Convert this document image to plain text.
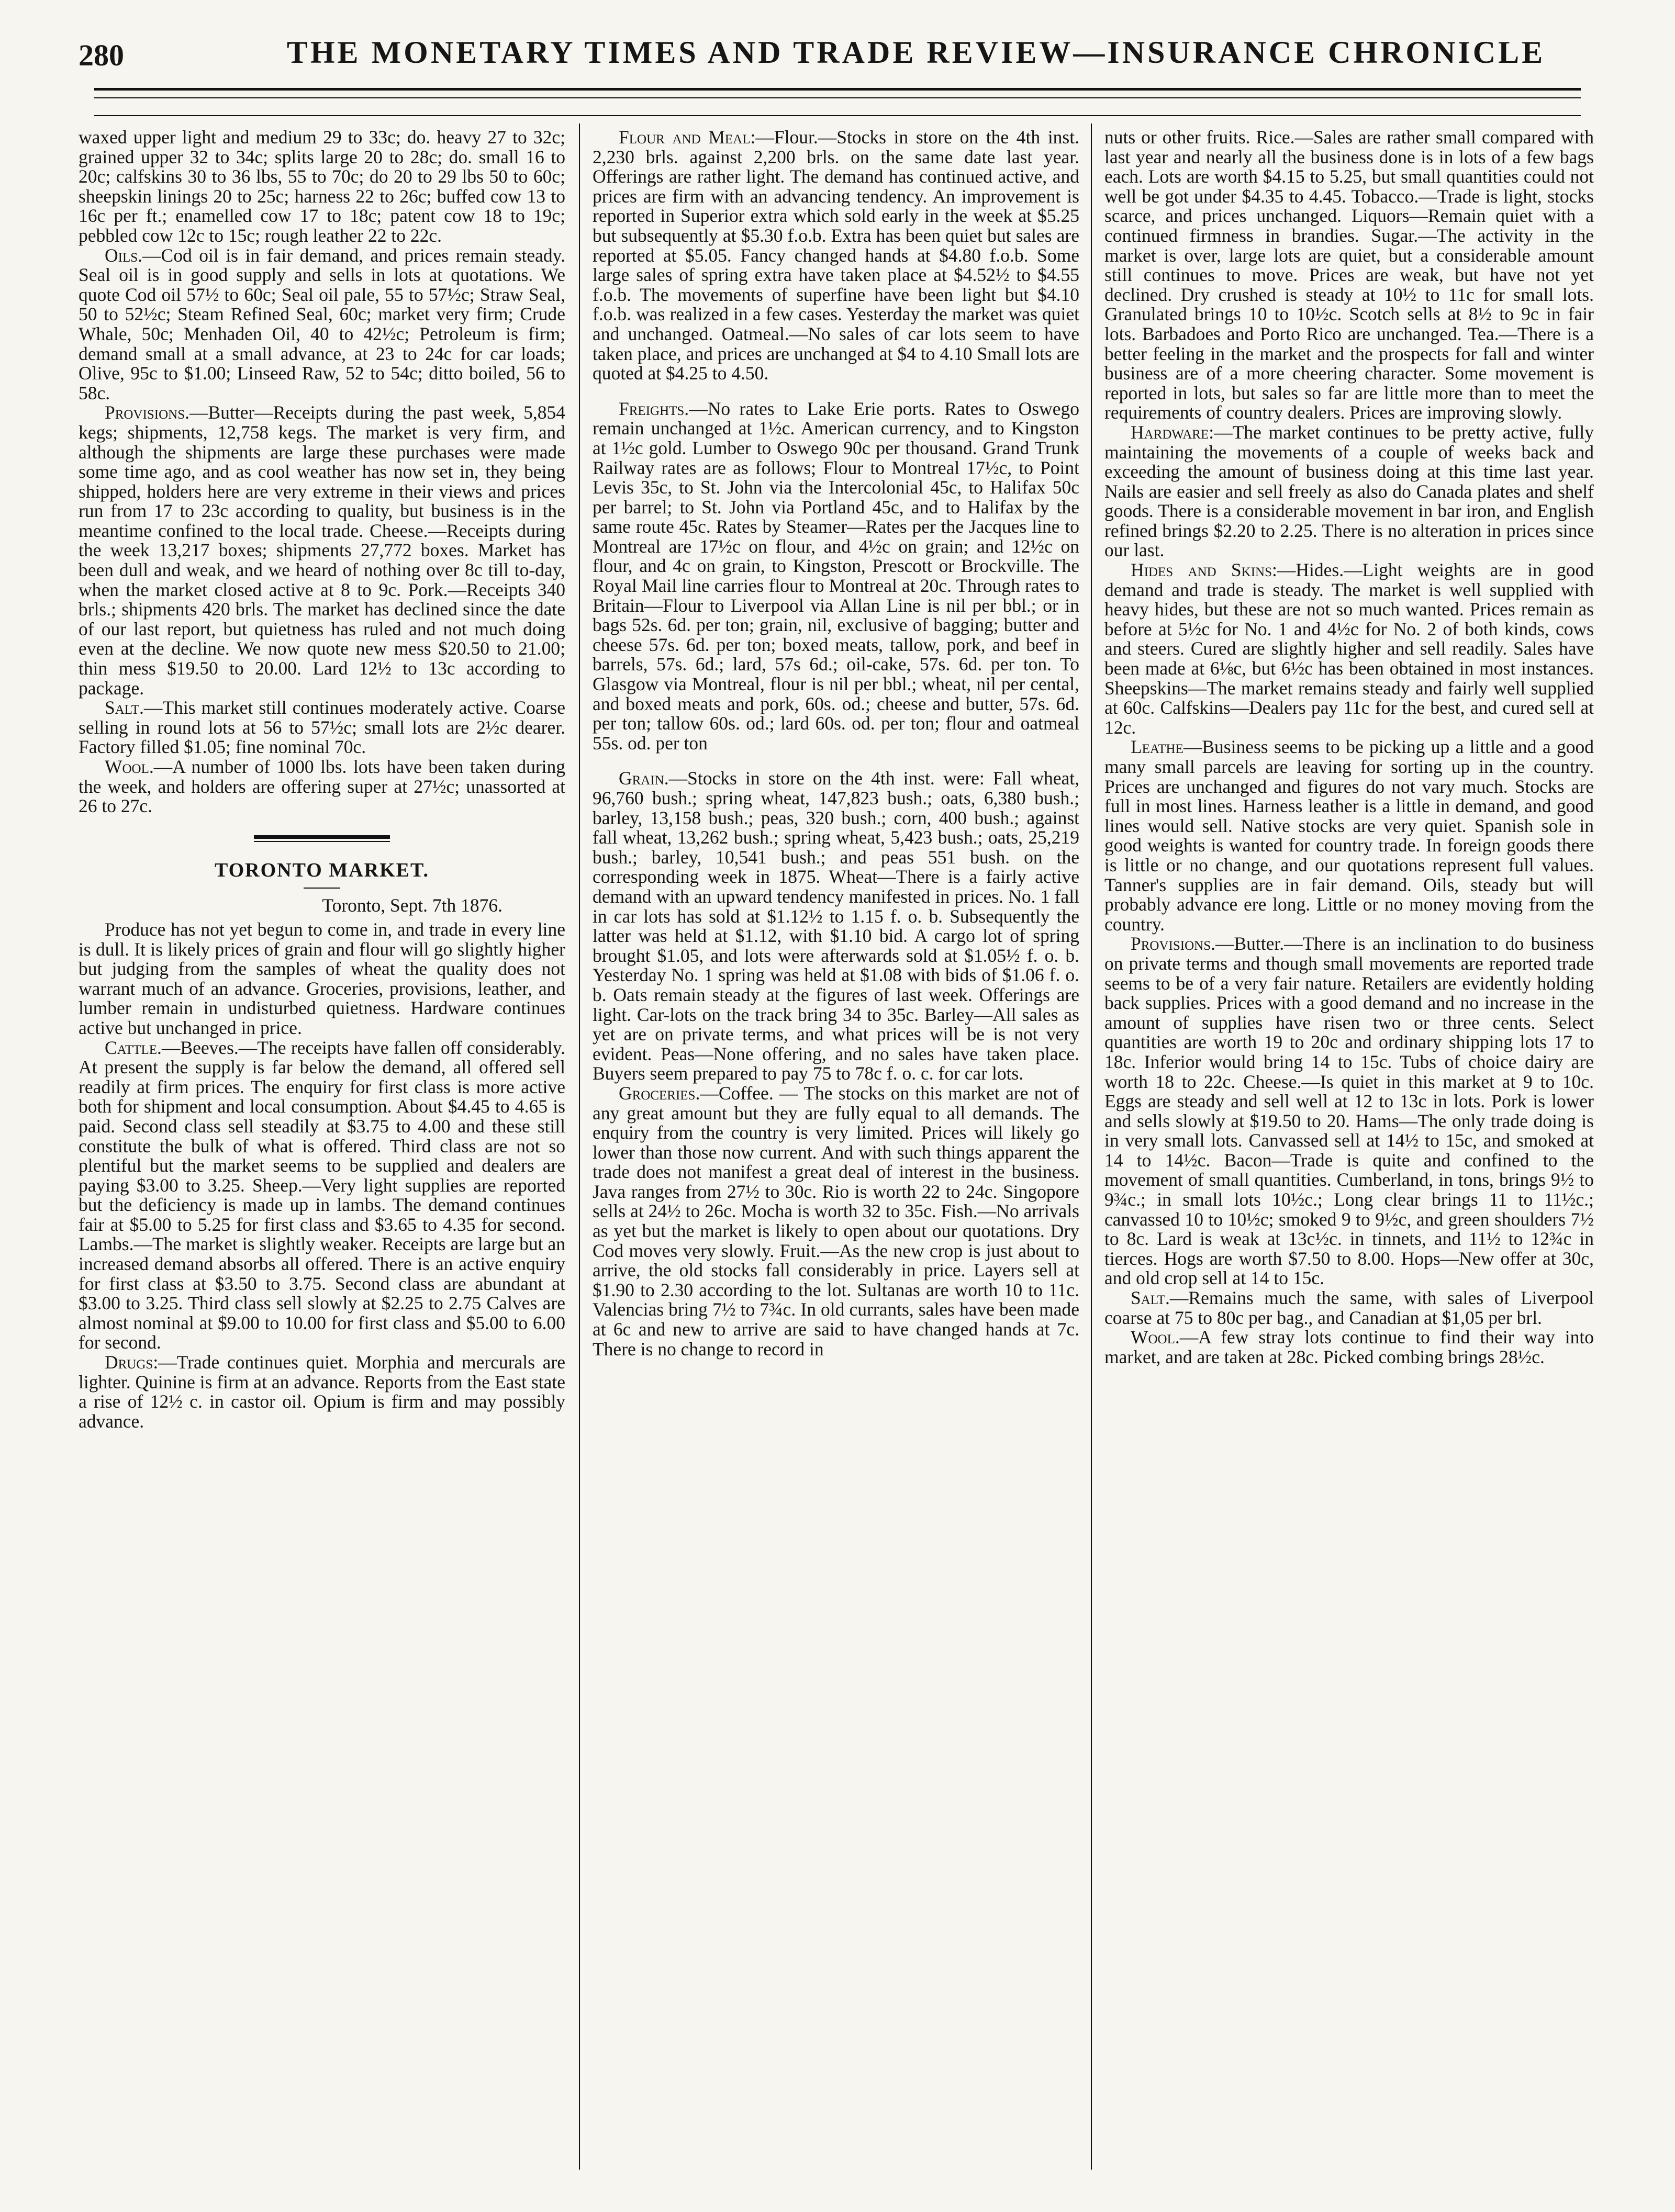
280	THE MONETARY TIMES AND TRADE REVIEW—INSURANCE CHRONICLE

waxed upper light and medium 29 to 33c; do. heavy 27 to 32c; grained upper 32 to 34c; splits large 20 to 28c; do. small 16 to 20c; calfskins 30 to 36 lbs, 55 to 70c; do 20 to 29 lbs 50 to 60c; sheepskin linings 20 to 25c; harness 22 to 26c; buffed cow 13 to 16c per ft.; enamelled cow 17 to 18c; patent cow 18 to 19c; pebbled cow 12c to 15c; rough leather 22 to 22c.

Oils.—Cod oil is in fair demand, and prices remain steady. Seal oil is in good supply and sells in lots at quotations. We quote Cod oil 57½ to 60c; Seal oil pale, 55 to 57½c; Straw Seal, 50 to 52½c; Steam Refined Seal, 60c; market very firm; Crude Whale, 50c; Menhaden Oil, 40 to 42½c; Petroleum is firm; demand small at a small advance, at 23 to 24c for car loads; Olive, 95c to $1.00; Linseed Raw, 52 to 54c; ditto boiled, 56 to 58c.

Provisions.—Butter—Receipts during the past week, 5,854 kegs; shipments, 12,758 kegs. The market is very firm, and although the shipments are large these purchases were made some time ago, and as cool weather has now set in, they being shipped, holders here are very extreme in their views and prices run from 17 to 23c according to quality, but business is in the meantime confined to the local trade. Cheese.—Receipts during the week 13,217 boxes; shipments 27,772 boxes. Market has been dull and weak, and we heard of nothing over 8c till to-day, when the market closed active at 8 to 9c. Pork.—Receipts 340 brls.; shipments 420 brls. The market has declined since the date of our last report, but quietness has ruled and not much doing even at the decline. We now quote new mess $20.50 to 21.00; thin mess $19.50 to 20.00. Lard 12½ to 13c according to package.

Salt.—This market still continues moderately active. Coarse selling in round lots at 56 to 57½c; small lots are 2½c dearer. Factory filled $1.05; fine nominal 70c.

Wool.—A number of 1000 lbs. lots have been taken during the week, and holders are offering super at 27½c; unassorted at 26 to 27c.

TORONTO MARKET.
Toronto, Sept. 7th 1876.

Produce has not yet begun to come in, and trade in every line is dull. It is likely prices of grain and flour will go slightly higher but judging from the samples of wheat the quality does not warrant much of an advance. Groceries, provisions, leather, and lumber remain in undisturbed quietness. Hardware continues active but unchanged in price.

Cattle.—Beeves.—The receipts have fallen off considerably. At present the supply is far below the demand, all offered sell readily at firm prices. The enquiry for first class is more active both for shipment and local consumption. About $4.45 to 4.65 is paid. Second class sell steadily at $3.75 to 4.00 and these still constitute the bulk of what is offered. Third class are not so plentiful but the market seems to be supplied and dealers are paying $3.00 to 3.25. Sheep.—Very light supplies are reported but the deficiency is made up in lambs. The demand continues fair at $5.00 to 5.25 for first class and $3.65 to 4.35 for second. Lambs.—The market is slightly weaker. Receipts are large but an increased demand absorbs all offered. There is an active enquiry for first class at $3.50 to 3.75. Second class are abundant at $3.00 to 3.25. Third class sell slowly at $2.25 to 2.75 Calves are almost nominal at $9.00 to 10.00 for first class and $5.00 to 6.00 for second.

Drugs:—Trade continues quiet. Morphia and mercurals are lighter. Quinine is firm at an advance. Reports from the East state a rise of 12½ c. in castor oil. Opium is firm and may possibly advance.

Flour and Meal:—Flour.—Stocks in store on the 4th inst. 2,230 brls. against 2,200 brls. on the same date last year. Offerings are rather light. The demand has continued active, and prices are firm with an advancing tendency. An improvement is reported in Superior extra which sold early in the week at $5.25 but subsequently at $5.30 f.o.b. Extra has been quiet but sales are reported at $5.05. Fancy changed hands at $4.80 f.o.b. Some large sales of spring extra have taken place at $4.52½ to $4.55 f.o.b. The movements of superfine have been light but $4.10 f.o.b. was realized in a few cases. Yesterday the market was quiet and unchanged. Oatmeal.—No sales of car lots seem to have taken place, and prices are unchanged at $4 to 4.10 Small lots are quoted at $4.25 to 4.50.

Freights.—No rates to Lake Erie ports. Rates to Oswego remain unchanged at 1½c. American currency, and to Kingston at 1½c gold. Lumber to Oswego 90c per thousand. Grand Trunk Railway rates are as follows; Flour to Montreal 17½c, to Point Levis 35c, to St. John via the Intercolonial 45c, to Halifax 50c per barrel; to St. John via Portland 45c, and to Halifax by the same route 45c. Rates by Steamer—Rates per the Jacques line to Montreal are 17½c on flour, and 4½c on grain; and 12½c on flour, and 4c on grain, to Kingston, Prescott or Brockville. The Royal Mail line carries flour to Montreal at 20c. Through rates to Britain—Flour to Liverpool via Allan Line is nil per bbl.; or in bags 52s. 6d. per ton; grain, nil, exclusive of bagging; butter and cheese 57s. 6d. per ton; boxed meats, tallow, pork, and beef in barrels, 57s. 6d.; lard, 57s 6d.; oil-cake, 57s. 6d. per ton. To Glasgow via Montreal, flour is nil per bbl.; wheat, nil per cental, and boxed meats and pork, 60s. od.; cheese and butter, 57s. 6d. per ton; tallow 60s. od.; lard 60s. od. per ton; flour and oatmeal 55s. od. per ton

Grain.—Stocks in store on the 4th inst. were: Fall wheat, 96,760 bush.; spring wheat, 147,823 bush.; oats, 6,380 bush.; barley, 13,158 bush.; peas, 320 bush.; corn, 400 bush.; against fall wheat, 13,262 bush.; spring wheat, 5,423 bush.; oats, 25,219 bush.; barley, 10,541 bush.; and peas 551 bush. on the corresponding week in 1875. Wheat—There is a fairly active demand with an upward tendency manifested in prices. No. 1 fall in car lots has sold at $1.12½ to 1.15 f. o. b. Subsequently the latter was held at $1.12, with $1.10 bid. A cargo lot of spring brought $1.05, and lots were afterwards sold at $1.05½ f. o. b. Yesterday No. 1 spring was held at $1.08 with bids of $1.06 f. o. b. Oats remain steady at the figures of last week. Offerings are light. Car-lots on the track bring 34 to 35c. Barley—All sales as yet are on private terms, and what prices will be is not very evident. Peas—None offering, and no sales have taken place. Buyers seem prepared to pay 75 to 78c f. o. c. for car lots.

Groceries.—Coffee. — The stocks on this market are not of any great amount but they are fully equal to all demands. The enquiry from the country is very limited. Prices will likely go lower than those now current. And with such things apparent the trade does not manifest a great deal of interest in the business. Java ranges from 27½ to 30c. Rio is worth 22 to 24c. Singopore sells at 24½ to 26c. Mocha is worth 32 to 35c. Fish.—No arrivals as yet but the market is likely to open about our quotations. Dry Cod moves very slowly. Fruit.—As the new crop is just about to arrive, the old stocks fall considerably in price. Layers sell at $1.90 to 2.30 according to the lot. Sultanas are worth 10 to 11c. Valencias bring 7½ to 7¾c. In old currants, sales have been made at 6c and new to arrive are said to have changed hands at 7c. There is no change to record in

nuts or other fruits. Rice.—Sales are rather small compared with last year and nearly all the business done is in lots of a few bags each. Lots are worth $4.15 to 5.25, but small quantities could not well be got under $4.35 to 4.45. Tobacco.—Trade is light, stocks scarce, and prices unchanged. Liquors—Remain quiet with a continued firmness in brandies. Sugar.—The activity in the market is over, large lots are quiet, but a considerable amount still continues to move. Prices are weak, but have not yet declined. Dry crushed is steady at 10½ to 11c for small lots. Granulated brings 10 to 10½c. Scotch sells at 8½ to 9c in fair lots. Barbadoes and Porto Rico are unchanged. Tea.—There is a better feeling in the market and the prospects for fall and winter business are of a more cheering character. Some movement is reported in lots, but sales so far are little more than to meet the requirements of country dealers. Prices are improving slowly.

Hardware:—The market continues to be pretty active, fully maintaining the movements of a couple of weeks back and exceeding the amount of business doing at this time last year. Nails are easier and sell freely as also do Canada plates and shelf goods. There is a considerable movement in bar iron, and English refined brings $2.20 to 2.25. There is no alteration in prices since our last.

Hides and Skins:—Hides.—Light weights are in good demand and trade is steady. The market is well supplied with heavy hides, but these are not so much wanted. Prices remain as before at 5½c for No. 1 and 4½c for No. 2 of both kinds, cows and steers. Cured are slightly higher and sell readily. Sales have been made at 6⅛c, but 6½c has been obtained in most instances. Sheepskins—The market remains steady and fairly well supplied at 60c. Calfskins—Dealers pay 11c for the best, and cured sell at 12c.

Leathe—Business seems to be picking up a little and a good many small parcels are leaving for sorting up in the country. Prices are unchanged and figures do not vary much. Stocks are full in most lines. Harness leather is a little in demand, and good lines would sell. Native stocks are very quiet. Spanish sole in good weights is wanted for country trade. In foreign goods there is little or no change, and our quotations represent full values. Tanner's supplies are in fair demand. Oils, steady but will probably advance ere long. Little or no money moving from the country.

Provisions.—Butter.—There is an inclination to do business on private terms and though small movements are reported trade seems to be of a very fair nature. Retailers are evidently holding back supplies. Prices with a good demand and no increase in the amount of supplies have risen two or three cents. Select quantities are worth 19 to 20c and ordinary shipping lots 17 to 18c. Inferior would bring 14 to 15c. Tubs of choice dairy are worth 18 to 22c. Cheese.—Is quiet in this market at 9 to 10c. Eggs are steady and sell well at 12 to 13c in lots. Pork is lower and sells slowly at $19.50 to 20. Hams—The only trade doing is in very small lots. Canvassed sell at 14½ to 15c, and smoked at 14 to 14½c. Bacon—Trade is quite and confined to the movement of small quantities. Cumberland, in tons, brings 9½ to 9¾c.; in small lots 10½c.; Long clear brings 11 to 11½c.; canvassed 10 to 10½c; smoked 9 to 9½c, and green shoulders 7½ to 8c. Lard is weak at 13c½c. in tinnets, and 11½ to 12¾c in tierces. Hogs are worth $7.50 to 8.00. Hops—New offer at 30c, and old crop sell at 14 to 15c.

Salt.—Remains much the same, with sales of Liverpool coarse at 75 to 80c per bag., and Canadian at $1,05 per brl.

Wool.—A few stray lots continue to find their way into market, and are taken at 28c. Picked combing brings 28½c.
